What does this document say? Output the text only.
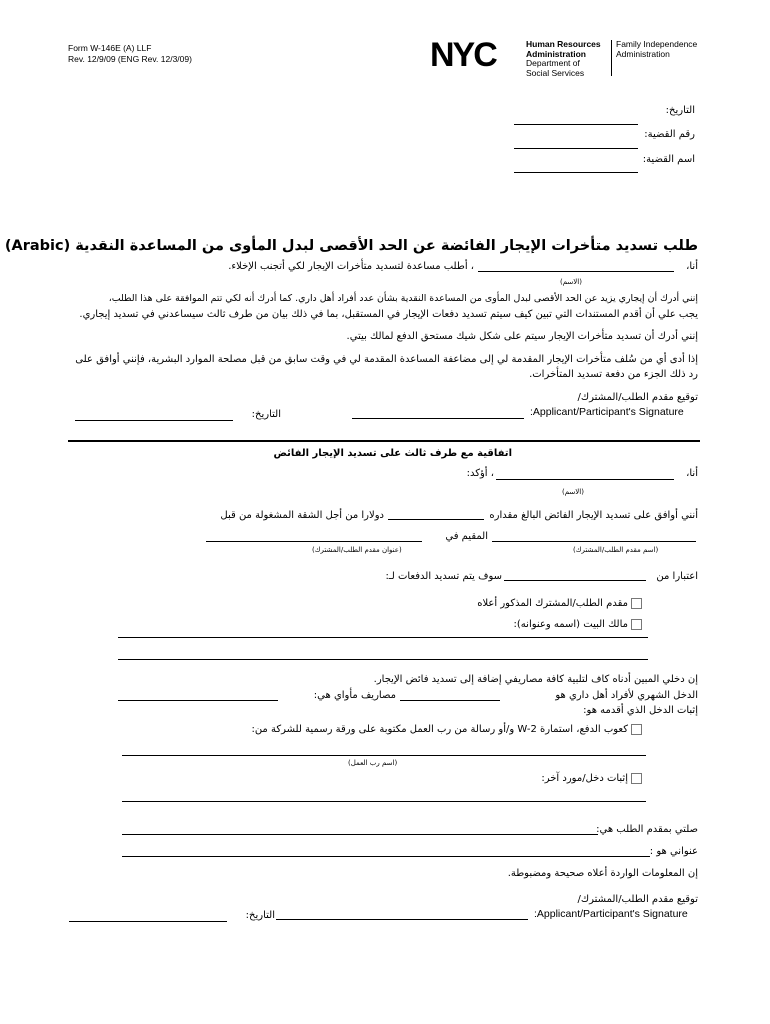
Form W-146E (A) LLF
Rev. 12/9/09 (ENG Rev. 12/3/09)	NYC	Human Resources
Administration
Department of
Social Services
Family Independence
Administration
التاريخ:
رقم القضية:
اسم القضية:
طلب تسديد متأخرات الإيجار الفائضة عن الحد الأقصى لبدل المأوى من المساعدة النقدية (Arabic)
أنا،
، أطلب مساعدة لتسديد متأخرات الإيجار لكي أتجنب الإخلاء.
(الاسم)
إنني أدرك أن إيجاري يزيد عن الحد الأقصى لبدل المأوى من المساعدة النقدية بشأن عدد أفراد أهل داري. كما أدرك أنه لكي تتم الموافقة على هذا الطلب،
يجب علي أن أقدم المستندات التي تبين كيف سيتم تسديد دفعات الإيجار في المستقبل، بما في ذلك بيان من طرف ثالث سيساعدني في تسديد إيجاري.
إنني أدرك أن تسديد متأخرات الإيجار سيتم على شكل شيك مستحق الدفع لمالك بيتي.
إذا أدى أي من سُلف متأخرات الإيجار المقدمة لي إلى مضاعفة المساعدة المقدمة لي في وقت سابق من قبل مصلحة الموارد البشرية، فإنني أوافق على
رد ذلك الجزء من دفعة تسديد المتأخرات.
توقيع مقدم الطلب/المشترك/
:Applicant/Participant's Signature
التاريخ:
اتفاقية مع طرف ثالث على تسديد الإيجار الفائض
أنا،
، أؤكد:
(الاسم)
أنني أوافق على تسديد الإيجار الفائض البالغ مقداره
دولارا من أجل الشقة المشغولة من قبل
المقيم في
(اسم مقدم الطلب/المشترك)
(عنوان مقدم الطلب/المشترك)
اعتبارا من
سوف يتم تسديد الدفعات لـ:
مقدم الطلب/المشترك المذكور أعلاه
مالك البيت (اسمه وعنوانه):
إن دخلي المبين أدناه كاف لتلبية كافة مصاريفي إضافة إلى تسديد فائض الإيجار.
الدخل الشهري لأفراد أهل داري هو
مصاريف مأواي هي:
إثبات الدخل الذي أقدمه هو:
كعوب الدفع، استمارة W-2 و/أو رسالة من رب العمل مكتوبة على ورقة رسمية للشركة من:
(اسم رب العمل)
إثبات دخل/مورد آخر:
صلتي بمقدم الطلب هي:
عنواني هو :
إن المعلومات الواردة أعلاه صحيحة ومضبوطة.
توقيع مقدم الطلب/المشترك/
:Applicant/Participant's Signature
التاريخ:
